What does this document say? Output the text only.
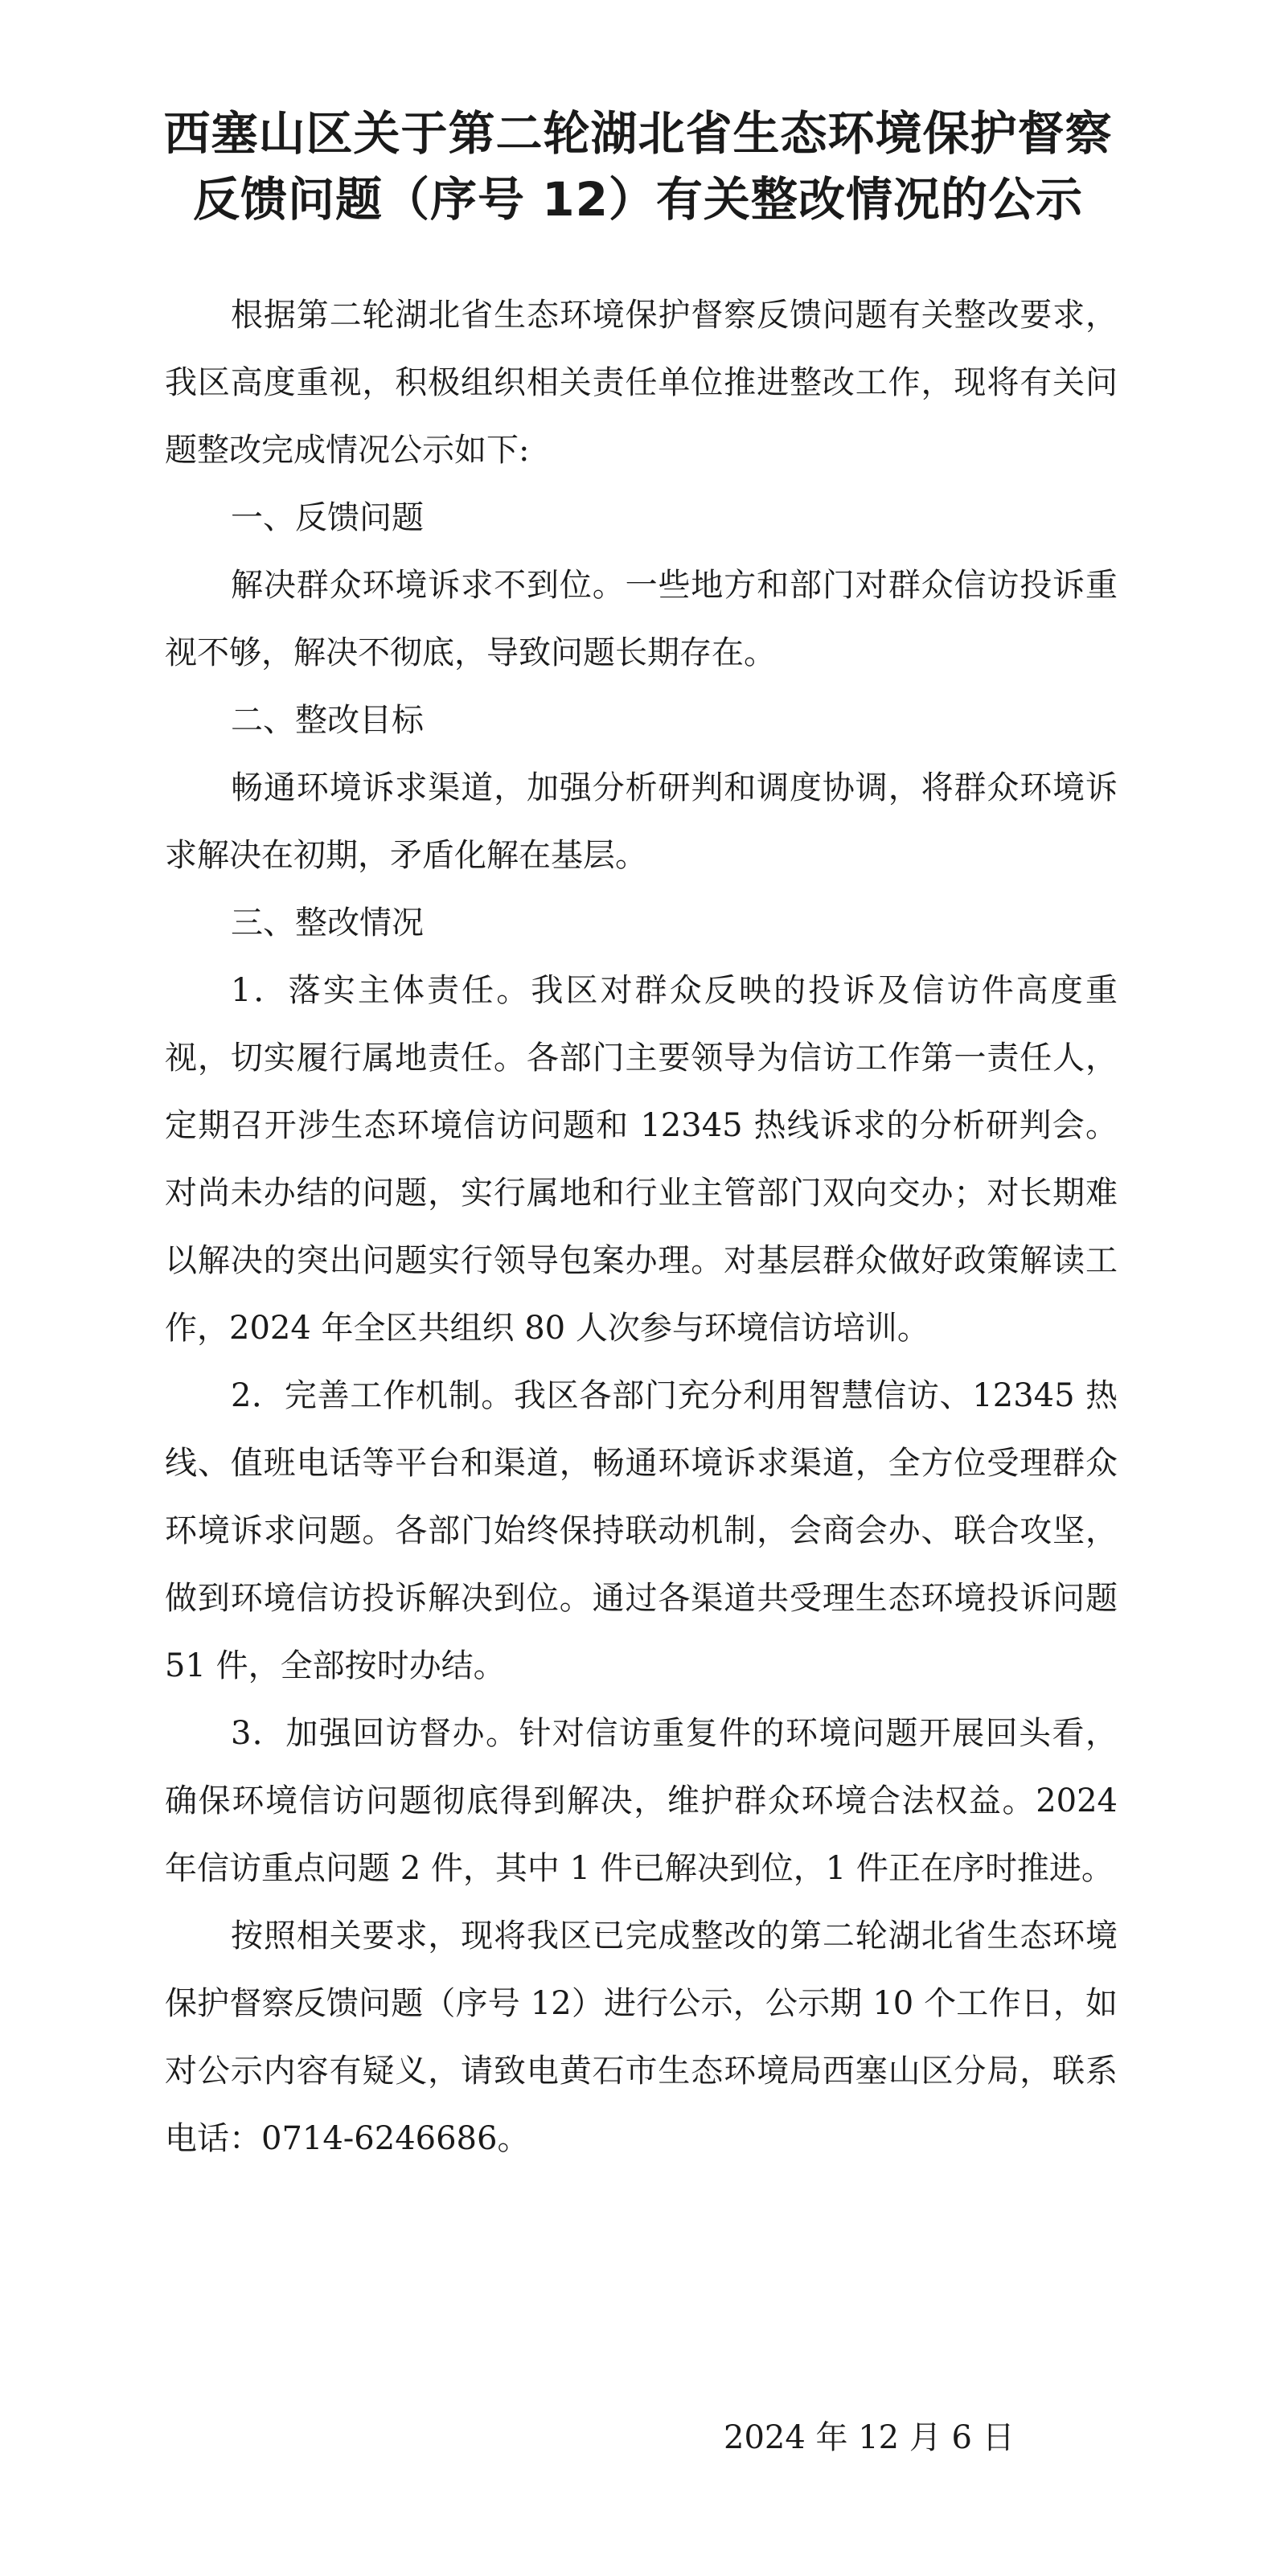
西塞山区关于第二轮湖北省生态环境保护督察
反馈问题（序号 12）有关整改情况的公示

根据第二轮湖北省生态环境保护督察反馈问题有关整改要求，我区高度重视，积极组织相关责任单位推进整改工作，现将有关问题整改完成情况公示如下:

一、反馈问题

解决群众环境诉求不到位。一些地方和部门对群众信访投诉重视不够，解决不彻底，导致问题长期存在。

二、整改目标

畅通环境诉求渠道，加强分析研判和调度协调，将群众环境诉求解决在初期，矛盾化解在基层。

三、整改情况

1．落实主体责任。我区对群众反映的投诉及信访件高度重视，切实履行属地责任。各部门主要领导为信访工作第一责任人，定期召开涉生态环境信访问题和 12345 热线诉求的分析研判会。对尚未办结的问题，实行属地和行业主管部门双向交办；对长期难以解决的突出问题实行领导包案办理。对基层群众做好政策解读工作，2024 年全区共组织 80 人次参与环境信访培训。

2．完善工作机制。我区各部门充分利用智慧信访、12345 热线、值班电话等平台和渠道，畅通环境诉求渠道，全方位受理群众环境诉求问题。各部门始终保持联动机制，会商会办、联合攻坚，做到环境信访投诉解决到位。通过各渠道共受理生态环境投诉问题 51 件，全部按时办结。

3．加强回访督办。针对信访重复件的环境问题开展回头看，确保环境信访问题彻底得到解决，维护群众环境合法权益。2024 年信访重点问题 2 件，其中 1 件已解决到位，1 件正在序时推进。

按照相关要求，现将我区已完成整改的第二轮湖北省生态环境保护督察反馈问题（序号 12）进行公示，公示期 10 个工作日，如对公示内容有疑义，请致电黄石市生态环境局西塞山区分局，联系电话：0714-6246686。

2024 年 12 月 6 日
